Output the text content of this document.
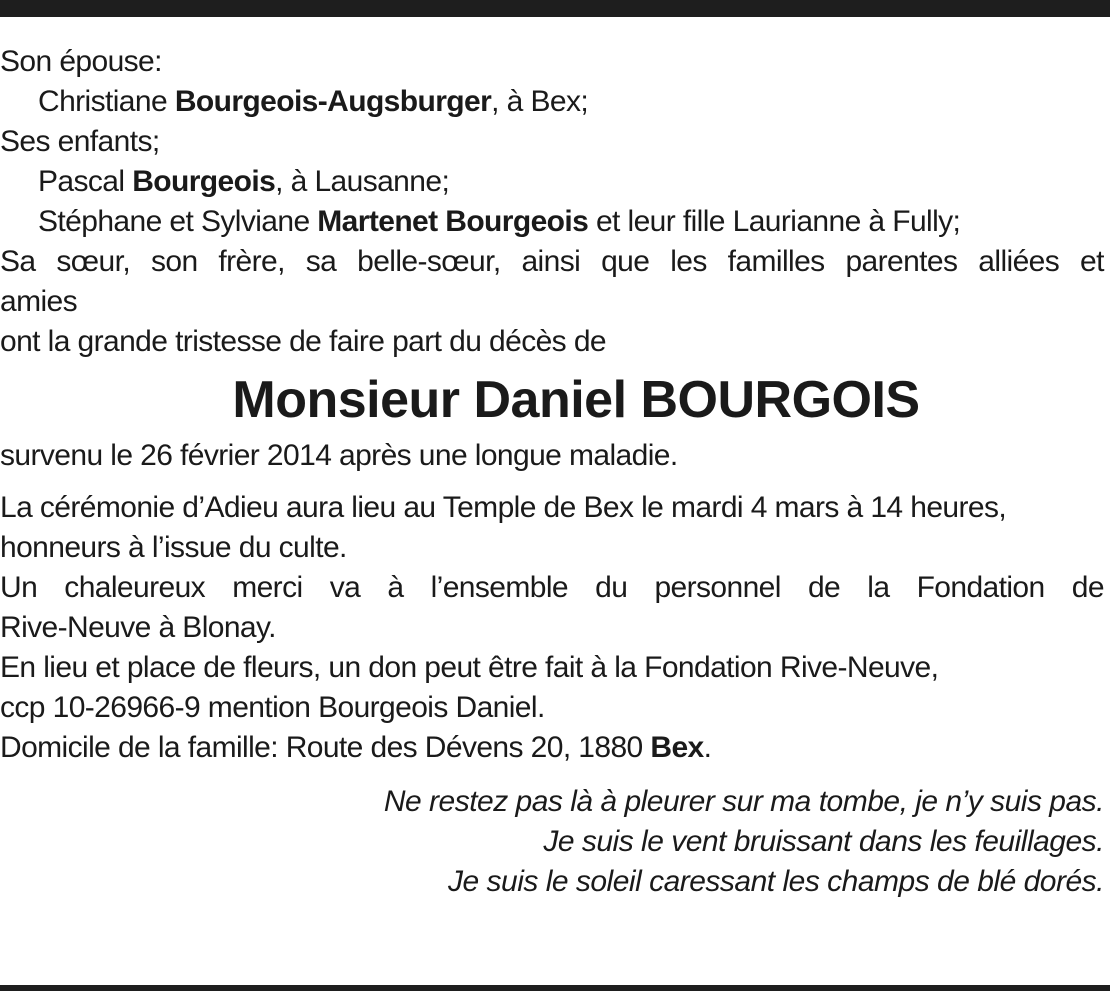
Son épouse:
Christiane Bourgeois-Augsburger, à Bex;
Ses enfants;
Pascal Bourgeois, à Lausanne;
Stéphane et Sylviane Martenet Bourgeois et leur fille Laurianne à Fully;
Sa sœur, son frère, sa belle-sœur, ainsi que les familles parentes alliées et
amies
ont la grande tristesse de faire part du décès de
Monsieur Daniel BOURGOIS
survenu le 26 février 2014 après une longue maladie.
La cérémonie d’Adieu aura lieu au Temple de Bex le mardi 4 mars à 14 heures,
honneurs à l’issue du culte.
Un chaleureux merci va à l’ensemble du personnel de la Fondation de
Rive-Neuve à Blonay.
En lieu et place de fleurs, un don peut être fait à la Fondation Rive-Neuve,
ccp 10-26966-9 mention Bourgeois Daniel.
Domicile de la famille: Route des Dévens 20, 1880 Bex.
Ne restez pas là à pleurer sur ma tombe, je n’y suis pas.
Je suis le vent bruissant dans les feuillages.
Je suis le soleil caressant les champs de blé dorés.
